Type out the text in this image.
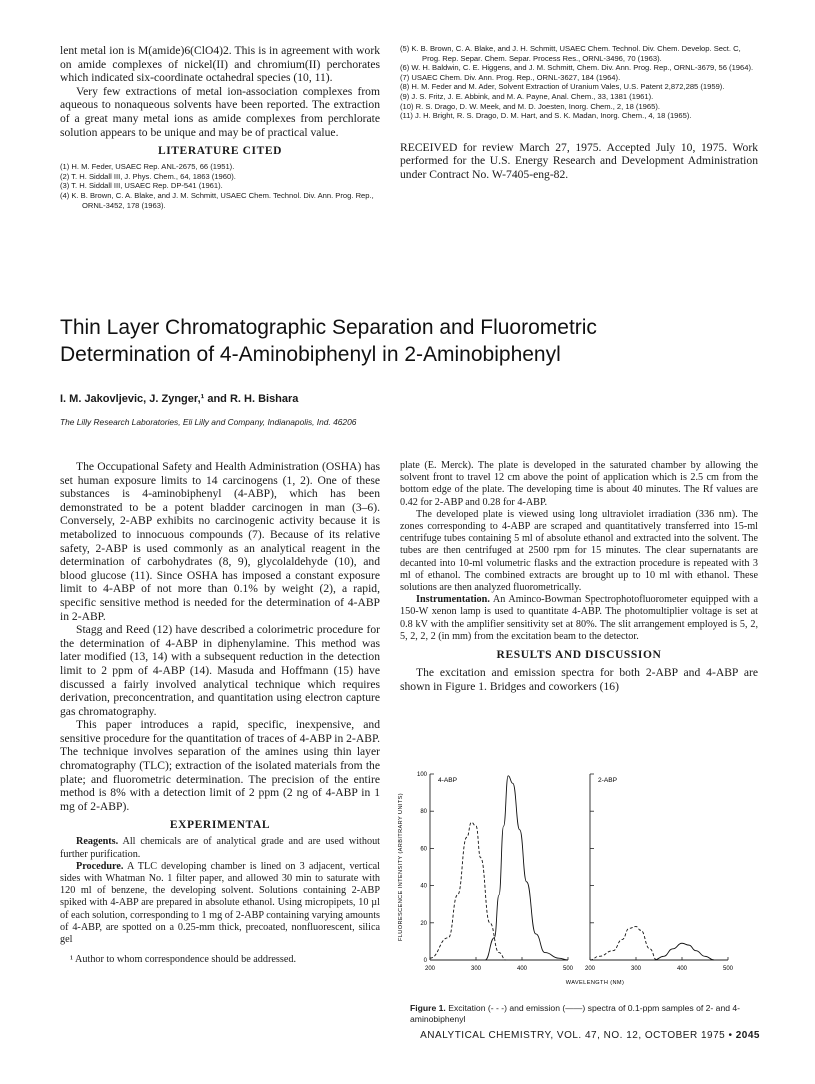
lent metal ion is M(amide)6(ClO4)2. This is in agreement with work on amide complexes of nickel(II) and chromium(II) perchorates which indicated six-coordinate octahedral species (10, 11).

Very few extractions of metal ion-association complexes from aqueous to nonaqueous solvents have been reported. The extraction of a great many metal ions as amide complexes from perchlorate solution appears to be unique and may be of practical value.

LITERATURE CITED
(1) H. M. Feder, USAEC Rep. ANL-2675, 66 (1951).
(2) T. H. Siddall III, J. Phys. Chem., 64, 1863 (1960).
(3) T. H. Siddall III, USAEC Rep. DP-541 (1961).
(4) K. B. Brown, C. A. Blake, and J. M. Schmitt, USAEC Chem. Technol. Div. Ann. Prog. Rep., ORNL-3452, 178 (1963).
(5) K. B. Brown, C. A. Blake, and J. H. Schmitt, USAEC Chem. Technol. Div. Chem. Develop. Sect. C, Prog. Rep. Separ. Chem. Separ. Process Res., ORNL-3496, 70 (1963).
(6) W. H. Baldwin, C. E. Higgens, and J. M. Schmitt, Chem. Div. Ann. Prog. Rep., ORNL-3679, 56 (1964).
(7) USAEC Chem. Div. Ann. Prog. Rep., ORNL-3627, 184 (1964).
(8) H. M. Feder and M. Ader, Solvent Extraction of Uranium Vales, U.S. Patent 2,872,285 (1959).
(9) J. S. Fritz, J. E. Abbink, and M. A. Payne, Anal. Chem., 33, 1381 (1961).
(10) R. S. Drago, D. W. Meek, and M. D. Joesten, Inorg. Chem., 2, 18 (1965).
(11) J. H. Bright, R. S. Drago, D. M. Hart, and S. K. Madan, Inorg. Chem., 4, 18 (1965).

RECEIVED for review March 27, 1975. Accepted July 10, 1975. Work performed for the U.S. Energy Research and Development Administration under Contract No. W-7405-eng-82.

Thin Layer Chromatographic Separation and Fluorometric
Determination of 4-Aminobiphenyl in 2-Aminobiphenyl
I. M. Jakovljevic, J. Zynger,¹ and R. H. Bishara
The Lilly Research Laboratories, Eli Lilly and Company, Indianapolis, Ind. 46206

The Occupational Safety and Health Administration (OSHA) has set human exposure limits to 14 carcinogens (1, 2). One of these substances is 4-aminobiphenyl (4-ABP), which has been demonstrated to be a potent bladder carcinogen in man (3–6). Conversely, 2-ABP exhibits no carcinogenic activity because it is metabolized to innocuous compounds (7). Because of its relative safety, 2-ABP is used commonly as an analytical reagent in the determination of carbohydrates (8, 9), glycolaldehyde (10), and blood glucose (11). Since OSHA has imposed a constant exposure limit to 4-ABP of not more than 0.1% by weight (2), a rapid, specific sensitive method is needed for the determination of 4-ABP in 2-ABP.

Stagg and Reed (12) have described a colorimetric procedure for the determination of 4-ABP in diphenylamine. This method was later modified (13, 14) with a subsequent reduction in the detection limit to 2 ppm of 4-ABP (14). Masuda and Hoffmann (15) have discussed a fairly involved analytical technique which requires derivation, preconcentration, and quantitation using electron capture gas chromatography.

This paper introduces a rapid, specific, inexpensive, and sensitive procedure for the quantitation of traces of 4-ABP in 2-ABP. The technique involves separation of the amines using thin layer chromatography (TLC); extraction of the isolated materials from the plate; and fluorometric determination. The precision of the entire method is 8% with a detection limit of 2 ppm (2 ng of 4-ABP in 1 mg of 2-ABP).

EXPERIMENTAL

Reagents. All chemicals are of analytical grade and are used without further purification.

Procedure. A TLC developing chamber is lined on 3 adjacent, vertical sides with Whatman No. 1 filter paper, and allowed 30 min to saturate with 120 ml of benzene, the developing solvent. Solutions containing 2-ABP spiked with 4-ABP are prepared in absolute ethanol. Using micropipets, 10 µl of each solution, corresponding to 1 mg of 2-ABP containing varying amounts of 4-ABP, are spotted on a 0.25-mm thick, precoated, nonfluorescent, silica gel

¹ Author to whom correspondence should be addressed.

plate (E. Merck). The plate is developed in the saturated chamber by allowing the solvent front to travel 12 cm above the point of application which is 2.5 cm from the bottom edge of the plate. The developing time is about 40 minutes. The Rf values are 0.42 for 2-ABP and 0.28 for 4-ABP.

The developed plate is viewed using long ultraviolet irradiation (336 nm). The zones corresponding to 4-ABP are scraped and quantitatively transferred into 15-ml centrifuge tubes containing 5 ml of absolute ethanol and extracted into the solvent. The tubes are then centrifuged at 2500 rpm for 15 minutes. The clear supernatants are decanted into 10-ml volumetric flasks and the extraction procedure is repeated with 3 ml of ethanol. The combined extracts are brought up to 10 ml with ethanol. These solutions are then analyzed fluorometrically.

Instrumentation. An Aminco-Bowman Spectrophotofluorometer equipped with a 150-W xenon lamp is used to quantitate 4-ABP. The photomultiplier voltage is set at 0.8 kV with the amplifier sensitivity set at 80%. The slit arrangement employed is 5, 2, 5, 2, 2, 2 (in mm) from the excitation beam to the detector.

RESULTS AND DISCUSSION

The excitation and emission spectra for both 2-ABP and 4-ABP are shown in Figure 1. Bridges and coworkers (16)

FLUORESCENCE INTENSITY (ARBITRARY UNITS)
WAVELENGTH (NM)
0
20
40
60
80
100
200	300	400	500
4-ABP
200	300	400	500
2-ABP
Figure 1. Excitation (- - -) and emission (——) spectra of 0.1-ppm samples of 2- and 4-aminobiphenyl
ANALYTICAL CHEMISTRY, VOL. 47, NO. 12, OCTOBER 1975 • 2045
